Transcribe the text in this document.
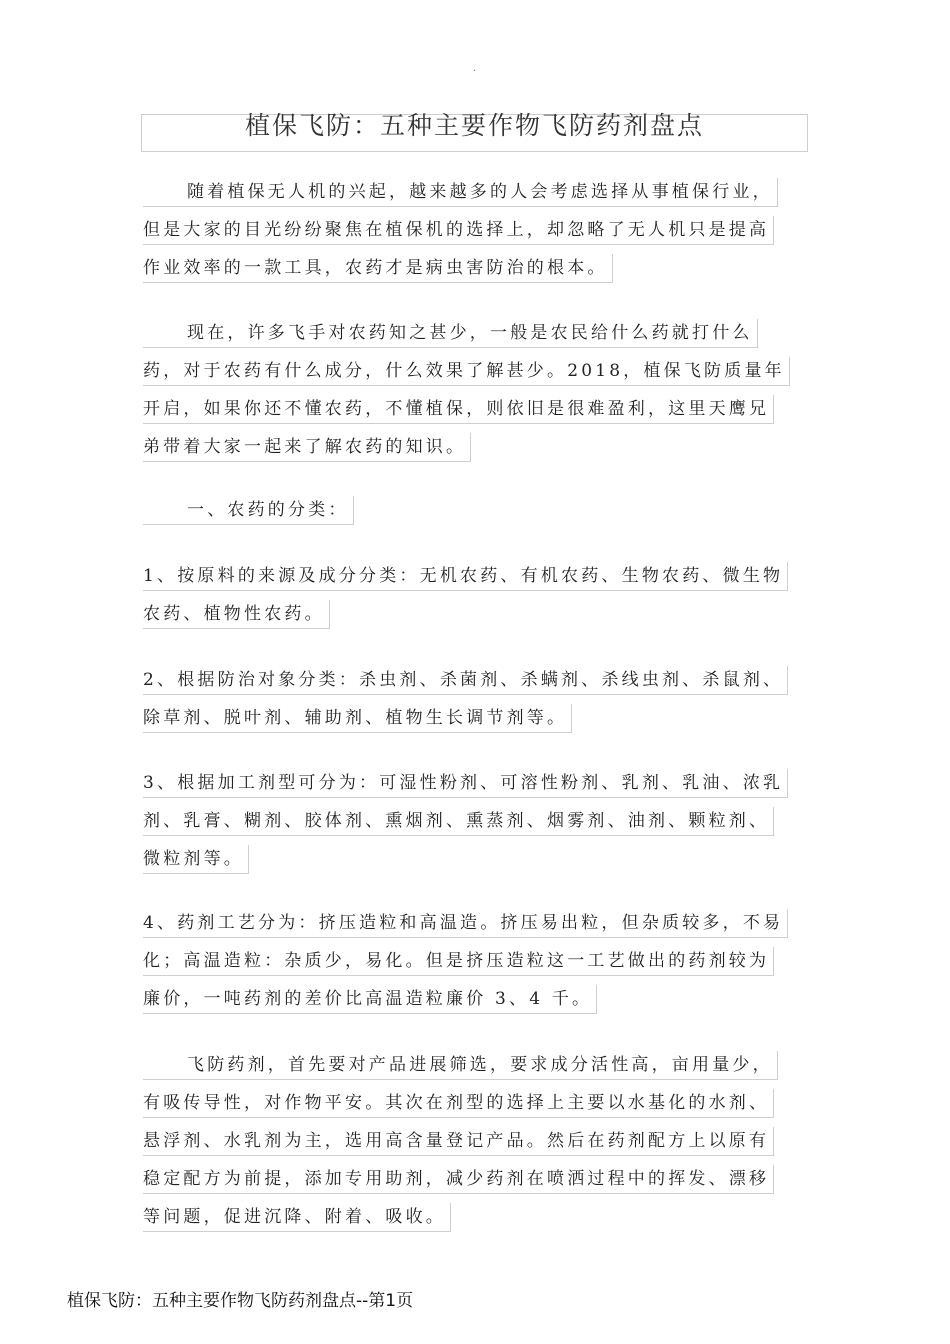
·
植保飞防：五种主要作物飞防药剂盘点
随着植保无人机的兴起，越来越多的人会考虑选择从事植保行业，
但是大家的目光纷纷聚焦在植保机的选择上，却忽略了无人机只是提高
作业效率的一款工具，农药才是病虫害防治的根本。
现在，许多飞手对农药知之甚少，一般是农民给什么药就打什么
药，对于农药有什么成分，什么效果了解甚少。2018，植保飞防质量年
开启，如果你还不懂农药，不懂植保，则依旧是很难盈利，这里天鹰兄
弟带着大家一起来了解农药的知识。
一、农药的分类：
1、按原料的来源及成分分类：无机农药、有机农药、生物农药、微生物
农药、植物性农药。
2、根据防治对象分类：杀虫剂、杀菌剂、杀螨剂、杀线虫剂、杀鼠剂、
除草剂、脱叶剂、辅助剂、植物生长调节剂等。
3、根据加工剂型可分为：可湿性粉剂、可溶性粉剂、乳剂、乳油、浓乳
剂、乳膏、糊剂、胶体剂、熏烟剂、熏蒸剂、烟雾剂、油剂、颗粒剂、
微粒剂等。
4、药剂工艺分为：挤压造粒和高温造。挤压易出粒，但杂质较多，不易
化；高温造粒：杂质少，易化。但是挤压造粒这一工艺做出的药剂较为
廉价，一吨药剂的差价比高温造粒廉价 3、4 千。
飞防药剂，首先要对产品进展筛选，要求成分活性高，亩用量少，
有吸传导性，对作物平安。其次在剂型的选择上主要以水基化的水剂、
悬浮剂、水乳剂为主，选用高含量登记产品。然后在药剂配方上以原有
稳定配方为前提，添加专用助剂，减少药剂在喷洒过程中的挥发、漂移
等问题，促进沉降、附着、吸收。
植保飞防：五种主要作物飞防药剂盘点--第1页
